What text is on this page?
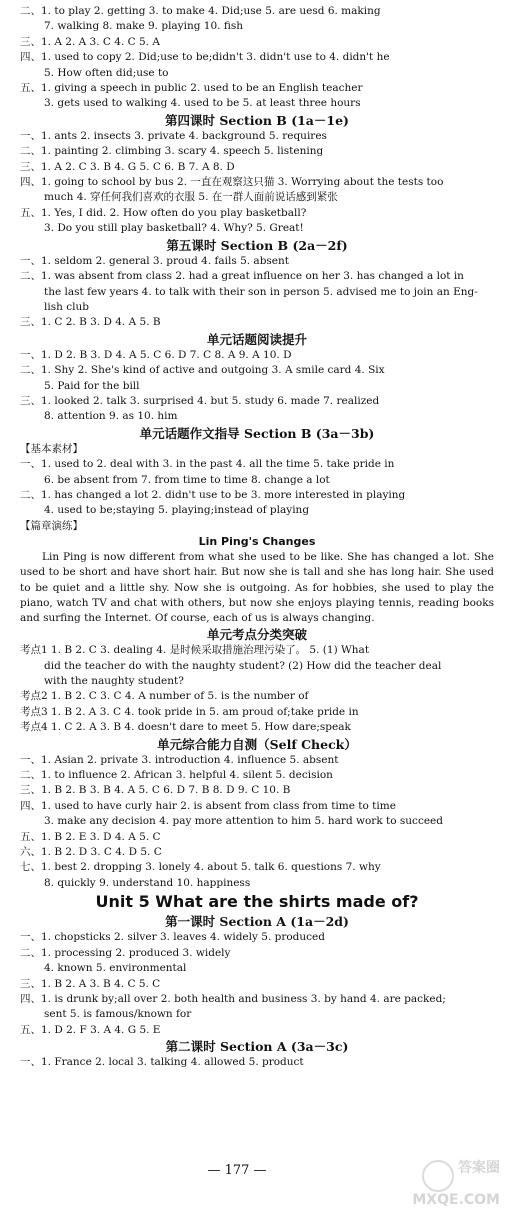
二、1. to play 2. getting 3. to make 4. Did;use 5. are uesd 6. making
7. walking 8. make 9. playing 10. fish
三、1. A 2. A 3. C 4. C 5. A
四、1. used to copy 2. Did;use to be;didn't 3. didn't use to 4. didn't he
5. How often did;use to
五、1. giving a speech in public 2. used to be an English teacher
3. gets used to walking 4. used to be 5. at least three hours
第四课时 Section B (1a－1e)
一、1. ants 2. insects 3. private 4. background 5. requires
二、1. painting 2. climbing 3. scary 4. speech 5. listening
三、1. A 2. C 3. B 4. G 5. C 6. B 7. A 8. D
四、1. going to school by bus 2. 一直在观察这只猫 3. Worrying about the tests too
much 4. 穿任何我们喜欢的衣服 5. 在一群人面前说话感到紧张
五、1. Yes, I did. 2. How often do you play basketball?
3. Do you still play basketball? 4. Why? 5. Great!
第五课时 Section B (2a－2f)
一、1. seldom 2. general 3. proud 4. fails 5. absent
二、1. was absent from class 2. had a great influence on her 3. has changed a lot in
the last few years 4. to talk with their son in person 5. advised me to join an Eng-
lish club
三、1. C 2. B 3. D 4. A 5. B
单元话题阅读提升
一、1. D 2. B 3. D 4. A 5. C 6. D 7. C 8. A 9. A 10. D
二、1. Shy 2. She's kind of active and outgoing 3. A smile card 4. Six
5. Paid for the bill
三、1. looked 2. talk 3. surprised 4. but 5. study 6. made 7. realized
8. attention 9. as 10. him
单元话题作文指导 Section B (3a－3b)
【基本素材】
一、1. used to 2. deal with 3. in the past 4. all the time 5. take pride in
6. be absent from 7. from time to time 8. change a lot
二、1. has changed a lot 2. didn't use to be 3. more interested in playing
4. used to be;staying 5. playing;instead of playing
【篇章演练】
Lin Ping's Changes
Lin Ping is now different from what she used to be like. She has changed a lot. She used to be short and have short hair. But now she is tall and she has long hair. She used to be quiet and a little shy. Now she is outgoing. As for hobbies, she used to play the piano, watch TV and chat with others, but now she enjoys playing tennis, reading books and surfing the Internet. Of course, each of us is always changing.
单元考点分类突破
考点1 1. B 2. C 3. dealing 4. 是时候采取措施治理污染了。 5. (1) What
did the teacher do with the naughty student? (2) How did the teacher deal
with the naughty student?
考点2 1. B 2. C 3. C 4. A number of 5. is the number of
考点3 1. B 2. A 3. C 4. took pride in 5. am proud of;take pride in
考点4 1. C 2. A 3. B 4. doesn't dare to meet 5. How dare;speak
单元综合能力自测（Self Check）
一、1. Asian 2. private 3. introduction 4. influence 5. absent
二、1. to influence 2. African 3. helpful 4. silent 5. decision
三、1. B 2. B 3. B 4. A 5. C 6. D 7. B 8. D 9. C 10. B
四、1. used to have curly hair 2. is absent from class from time to time
3. make any decision 4. pay more attention to him 5. hard work to succeed
五、1. B 2. E 3. D 4. A 5. C
六、1. B 2. D 3. C 4. D 5. C
七、1. best 2. dropping 3. lonely 4. about 5. talk 6. questions 7. why
8. quickly 9. understand 10. happiness
Unit 5 What are the shirts made of?
第一课时 Section A (1a－2d)
一、1. chopsticks 2. silver 3. leaves 4. widely 5. produced
二、1. processing 2. produced 3. widely
4. known 5. environmental
三、1. B 2. A 3. B 4. C 5. C
四、1. is drunk by;all over 2. both health and business 3. by hand 4. are packed;
sent 5. is famous/known for
五、1. D 2. F 3. A 4. G 5. E
第二课时 Section A (3a－3c)
一、1. France 2. local 3. talking 4. allowed 5. product
— 177 —	答案圈 MXQE.COM
